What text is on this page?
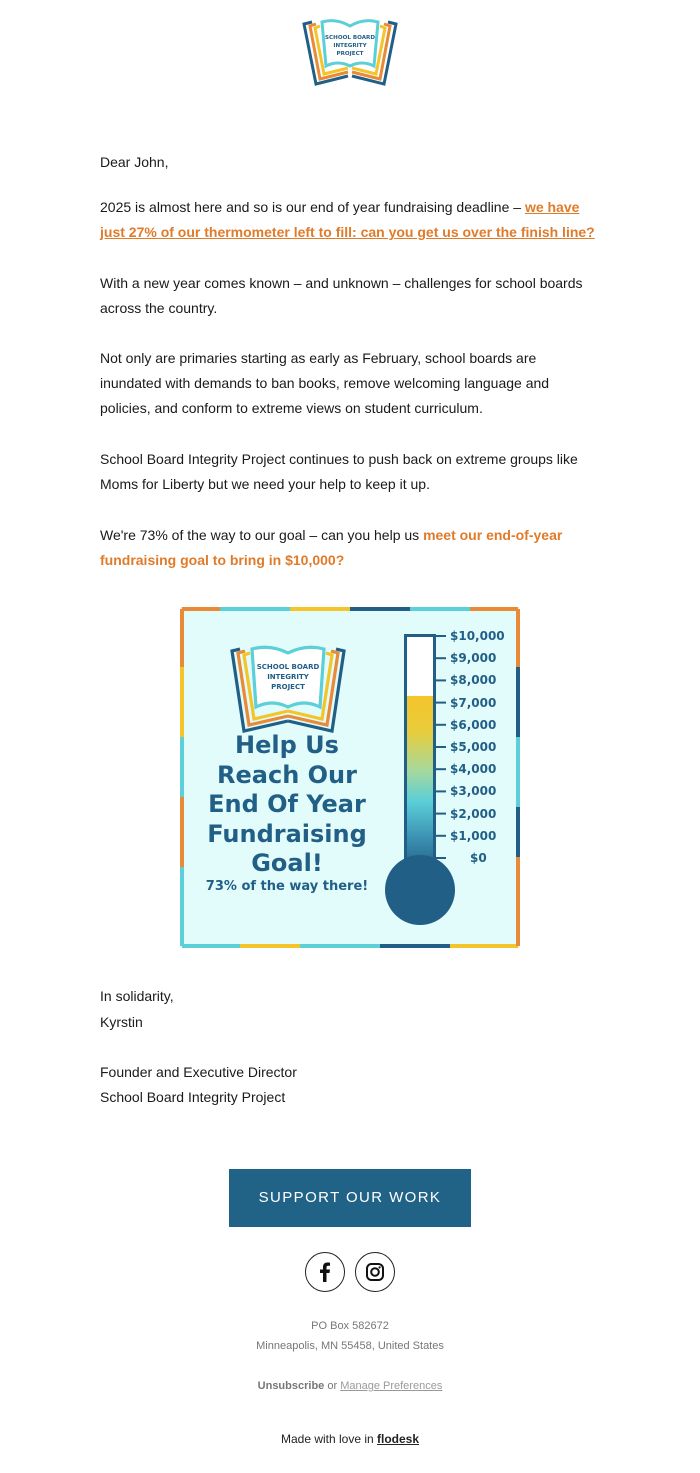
SCHOOL BOARD
INTEGRITY
PROJECT
Dear John,
2025 is almost here and so is our end of year fundraising deadline – we have just 27% of our thermometer left to fill: can you get us over the finish line?
With a new year comes known – and unknown – challenges for school boards across the country.
Not only are primaries starting as early as February, school boards are inundated with demands to ban books, remove welcoming language and policies, and conform to extreme views on student curriculum.
School Board Integrity Project continues to push back on extreme groups like Moms for Liberty but we need your help to keep it up.
We're 73% of the way to our goal – can you help us meet our end-of-year fundraising goal to bring in $10,000?
SCHOOL BOARD
INTEGRITY
PROJECT
Help Us
Reach Our
End Of Year
Fundraising
Goal!
73% of the way there!
$10,000
$9,000
$8,000
$7,000
$6,000
$5,000
$4,000
$3,000
$2,000
$1,000
$0
In solidarity,
Kyrstin
Founder and Executive Director
School Board Integrity Project
SUPPORT OUR WORK
PO Box 582672
Minneapolis, MN 55458, United States
Unsubscribe or Manage Preferences
Made with love in flodesk
